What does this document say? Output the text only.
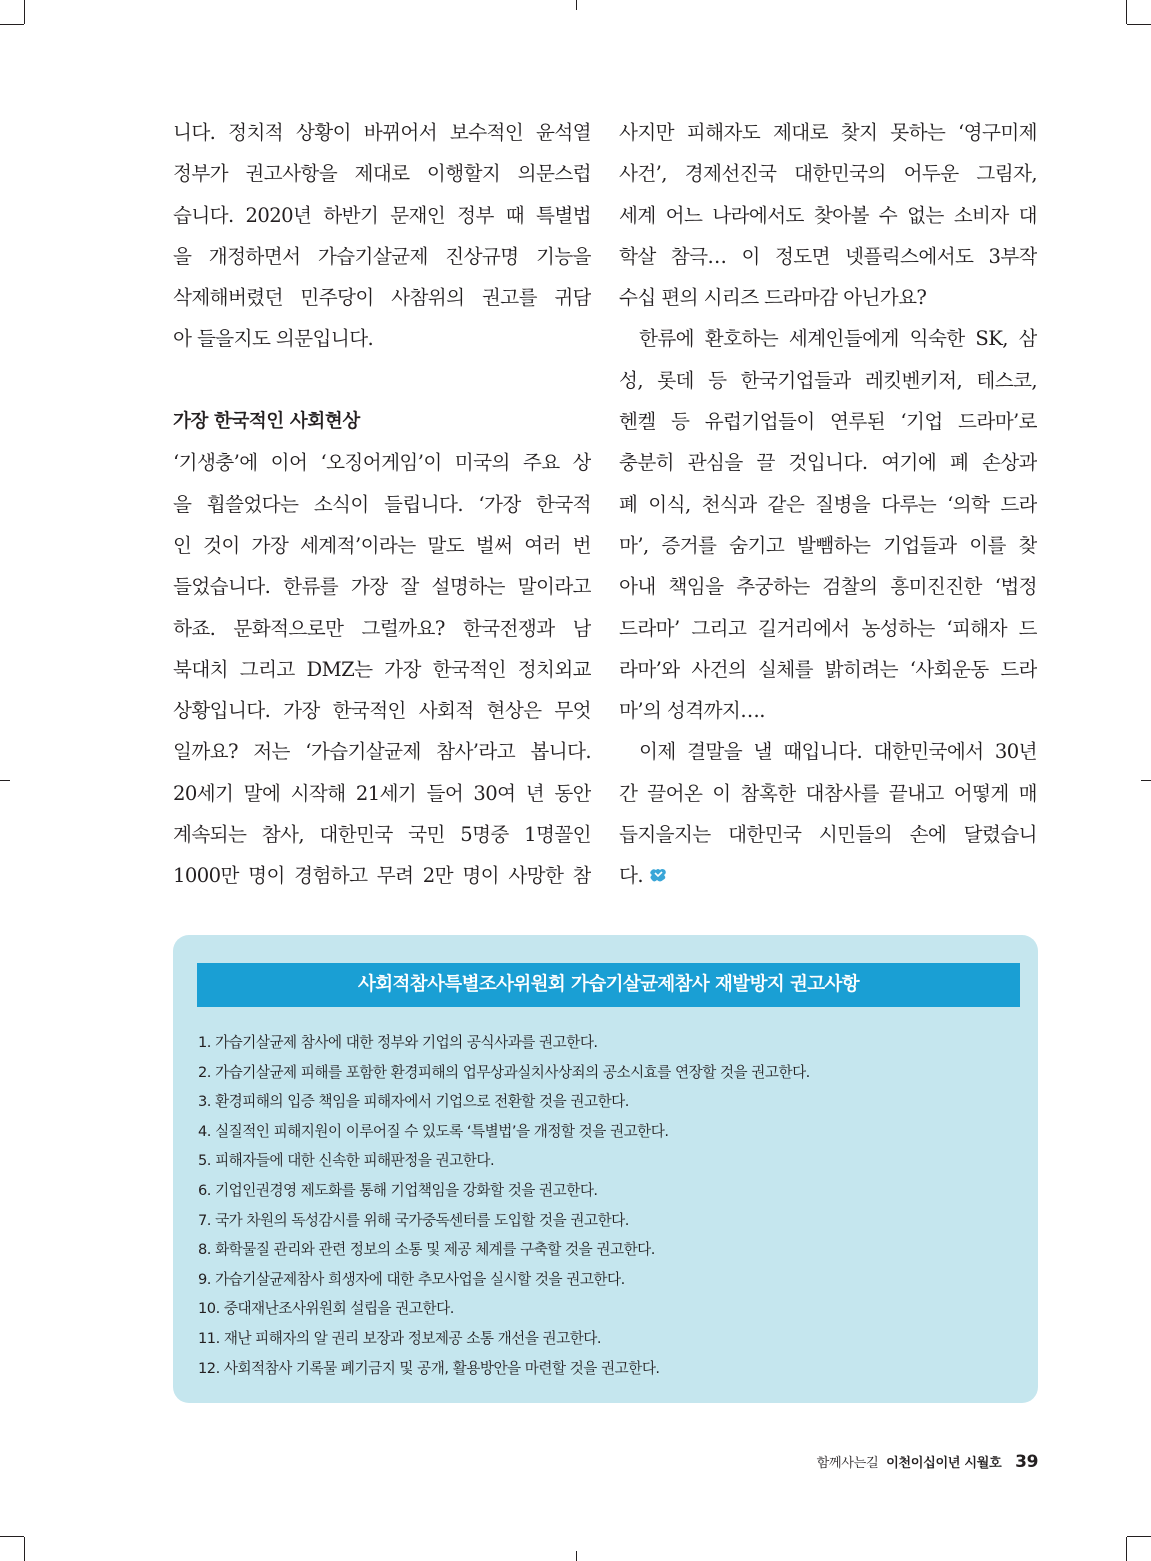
니다. 정치적 상황이 바뀌어서 보수적인 윤석열
정부가 권고사항을 제대로 이행할지 의문스럽
습니다. 2020년 하반기 문재인 정부 때 특별법
을 개정하면서 가습기살균제 진상규명 기능을
삭제해버렸던 민주당이 사참위의 권고를 귀담
아 들을지도 의문입니다.
가장 한국적인 사회현상
‘기생충’에 이어 ‘오징어게임’이 미국의 주요 상
을 휩쓸었다는 소식이 들립니다. ‘가장 한국적
인 것이 가장 세계적’이라는 말도 벌써 여러 번
들었습니다. 한류를 가장 잘 설명하는 말이라고
하죠. 문화적으로만 그럴까요? 한국전쟁과 남
북대치 그리고 DMZ는 가장 한국적인 정치외교
상황입니다. 가장 한국적인 사회적 현상은 무엇
일까요? 저는 ‘가습기살균제 참사’라고 봅니다.
20세기 말에 시작해 21세기 들어 30여 년 동안
계속되는 참사, 대한민국 국민 5명중 1명꼴인
1000만 명이 경험하고 무려 2만 명이 사망한 참
사지만 피해자도 제대로 찾지 못하는 ‘영구미제
사건’, 경제선진국 대한민국의 어두운 그림자,
세계 어느 나라에서도 찾아볼 수 없는 소비자 대
학살 참극… 이 정도면 넷플릭스에서도 3부작
수십 편의 시리즈 드라마감 아닌가요?
한류에 환호하는 세계인들에게 익숙한 SK, 삼
성, 롯데 등 한국기업들과 레킷벤키저, 테스코,
헨켈 등 유럽기업들이 연루된 ‘기업 드라마’로
충분히 관심을 끌 것입니다. 여기에 폐 손상과
폐 이식, 천식과 같은 질병을 다루는 ‘의학 드라
마’, 증거를 숨기고 발뺌하는 기업들과 이를 찾
아내 책임을 추궁하는 검찰의 흥미진진한 ‘법정
드라마’ 그리고 길거리에서 농성하는 ‘피해자 드
라마’와 사건의 실체를 밝히려는 ‘사회운동 드라
마’의 성격까지….
이제 결말을 낼 때입니다. 대한민국에서 30년
간 끌어온 이 참혹한 대참사를 끝내고 어떻게 매
듭지을지는 대한민국 시민들의 손에 달렸습니
다.
사회적참사특별조사위원회 가습기살균제참사 재발방지 권고사항
1. 가습기살균제 참사에 대한 정부와 기업의 공식사과를 권고한다.
2. 가습기살균제 피해를 포함한 환경피해의 업무상과실치사상죄의 공소시효를 연장할 것을 권고한다.
3. 환경피해의 입증 책임을 피해자에서 기업으로 전환할 것을 권고한다.
4. 실질적인 피해지원이 이루어질 수 있도록 ‘특별법’을 개정할 것을 권고한다.
5. 피해자들에 대한 신속한 피해판정을 권고한다.
6. 기업인권경영 제도화를 통해 기업책임을 강화할 것을 권고한다.
7. 국가 차원의 독성감시를 위해 국가중독센터를 도입할 것을 권고한다.
8. 화학물질 관리와 관련 정보의 소통 및 제공 체계를 구축할 것을 권고한다.
9. 가습기살균제참사 희생자에 대한 추모사업을 실시할 것을 권고한다.
10. 중대재난조사위원회 설립을 권고한다.
11. 재난 피해자의 알 권리 보장과 정보제공 소통 개선을 권고한다.
12. 사회적참사 기록물 폐기금지 및 공개, 활용방안을 마련할 것을 권고한다.
함께사는길 이천이십이년 시월호 39
